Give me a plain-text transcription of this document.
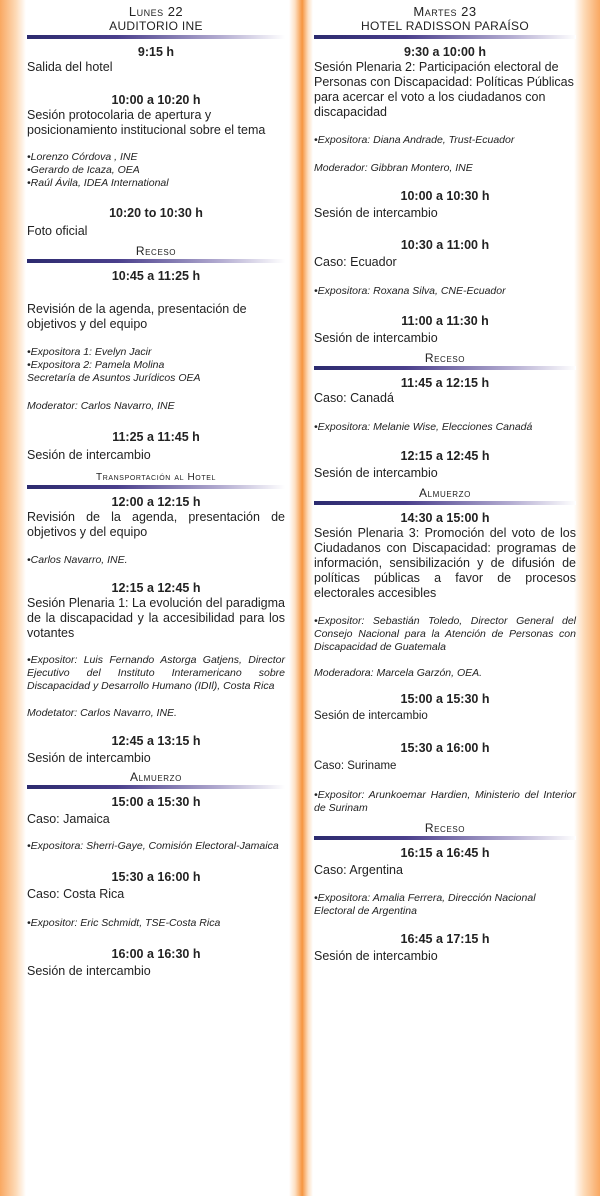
Lunes 22
AUDITORIO INE
9:15 h
Salida del hotel
10:00 a 10:20 h
Sesión protocolaria de apertura y posicionamiento institucional sobre el tema
•Lorenzo Córdova , INE
•Gerardo de Icaza, OEA
•Raúl Ávila, IDEA International
10:20 to 10:30 h
Foto oficial
Receso
10:45 a 11:25 h
Revisión de la agenda, presentación de objetivos y del equipo
•Expositora 1: Evelyn Jacir
•Expositora 2: Pamela Molina
Secretaría de Asuntos Jurídicos OEA
Moderator: Carlos Navarro, INE
11:25 a 11:45 h
Sesión de intercambio
Transportación al Hotel
12:00 a 12:15 h
Revisión de la agenda, presentación de objetivos y del equipo
•Carlos Navarro, INE.
12:15 a 12:45 h
Sesión Plenaria 1: La evolución del paradigma de la discapacidad y la accesibilidad para los votantes
•Expositor: Luis Fernando Astorga Gatjens, Director Ejecutivo del Instituto Interamericano sobre Discapacidad y Desarrollo Humano (IDIl), Costa Rica
Modetator: Carlos Navarro, INE.
12:45 a 13:15 h
Sesión de intercambio
Almuerzo
15:00 a 15:30 h
Caso: Jamaica
•Expositora: Sherri-Gaye, Comisión Electoral-Jamaica
15:30 a 16:00 h
Caso: Costa Rica
•Expositor: Eric Schmidt, TSE-Costa Rica
16:00 a 16:30 h
Sesión de intercambio
Martes 23
HOTEL RADISSON PARAÍSO
9:30 a 10:00 h
Sesión Plenaria 2: Participación electoral de Personas con Discapacidad: Políticas Públicas para acercar el voto a los ciudadanos con discapacidad
•Expositora: Diana Andrade, Trust-Ecuador
Moderador: Gibbran Montero, INE
10:00 a 10:30 h
Sesión de intercambio
10:30 a 11:00 h
Caso: Ecuador
•Expositora: Roxana Silva, CNE-Ecuador
11:00 a 11:30 h
Sesión de intercambio
Receso
11:45 a 12:15 h
Caso: Canadá
•Expositora: Melanie Wise, Elecciones Canadá
12:15 a 12:45 h
Sesión de intercambio
Almuerzo
14:30 a 15:00 h
Sesión Plenaria 3: Promoción del voto de los Ciudadanos con Discapacidad: programas de información, sensibilización y de difusión de políticas públicas a favor de procesos electorales accesibles
•Expositor: Sebastián Toledo, Director General del Consejo Nacional para la Atención de Personas con Discapacidad de Guatemala
Moderadora: Marcela Garzón, OEA.
15:00 a 15:30 h
Sesión de intercambio
15:30 a 16:00 h
Caso: Suriname
•Expositor: Arunkoemar Hardien, Ministerio del Interior de Surinam
Receso
16:15 a 16:45 h
Caso: Argentina
•Expositora: Amalia Ferrera, Dirección Nacional Electoral de Argentina
16:45 a 17:15 h
Sesión de intercambio
